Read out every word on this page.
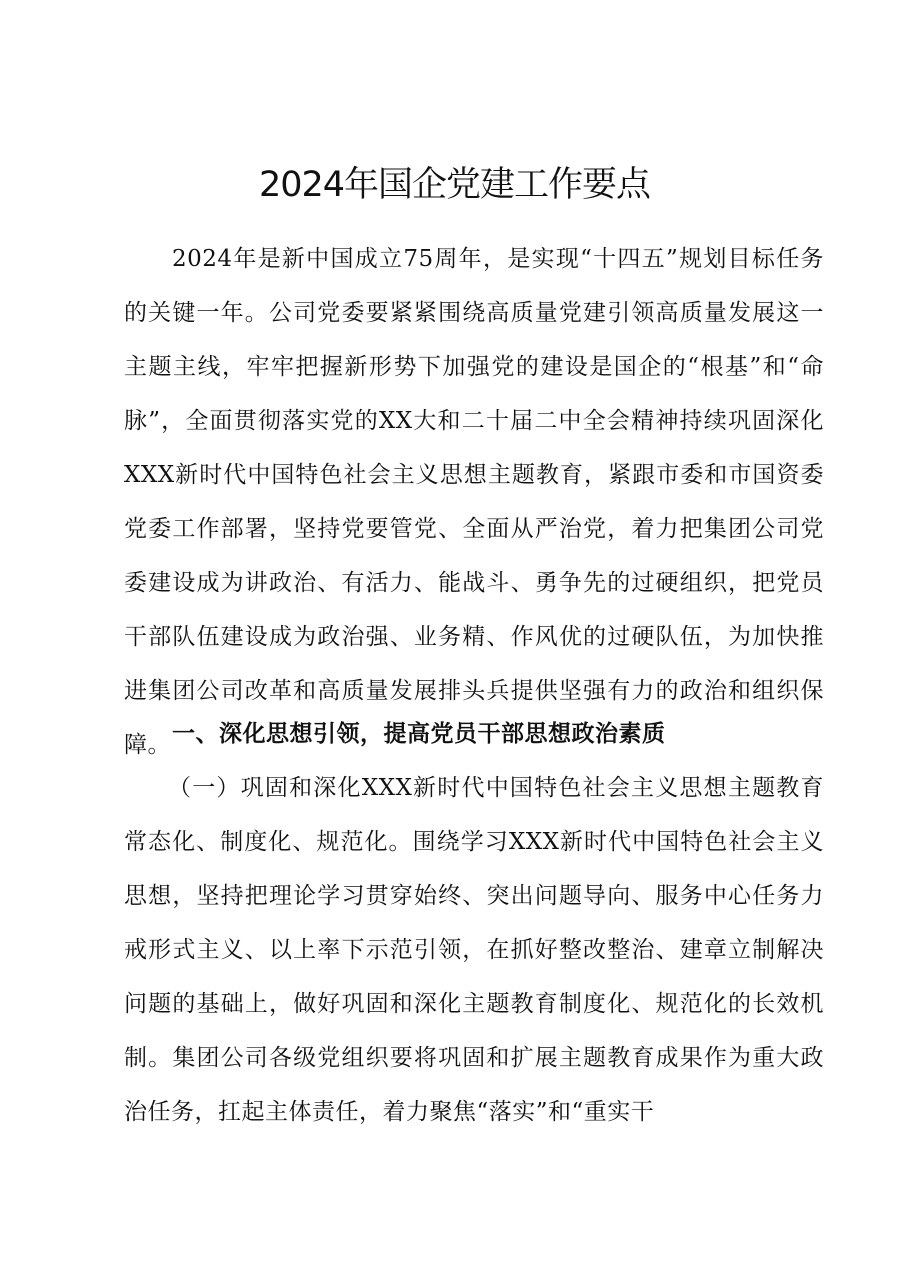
2024年国企党建工作要点

2024年是新中国成立75周年，是实现“十四五”规划目标任务的关键一年。公司党委要紧紧围绕高质量党建引领高质量发展这一主题主线，牢牢把握新形势下加强党的建设是国企的“根基”和“命脉”，全面贯彻落实党的XX大和二十届二中全会精神持续巩固深化XXX新时代中国特色社会主义思想主题教育，紧跟市委和市国资委党委工作部署，坚持党要管党、全面从严治党，着力把集团公司党委建设成为讲政治、有活力、能战斗、勇争先的过硬组织，把党员干部队伍建设成为政治强、业务精、作风优的过硬队伍，为加快推进集团公司改革和高质量发展排头兵提供坚强有力的政治和组织保障。 一、深化思想引领，提高党员干部思想政治素质

（一）巩固和深化XXX新时代中国特色社会主义思想主题教育常态化、制度化、规范化。围绕学习XXX新时代中国特色社会主义思想，坚持把理论学习贯穿始终、突出问题导向、服务中心任务力戒形式主义、以上率下示范引领，在抓好整改整治、建章立制解决问题的基础上，做好巩固和深化主题教育制度化、规范化的长效机制。集团公司各级党组织要将巩固和扩展主题教育成果作为重大政治任务，扛起主体责任，着力聚焦“落实”和“重实干
